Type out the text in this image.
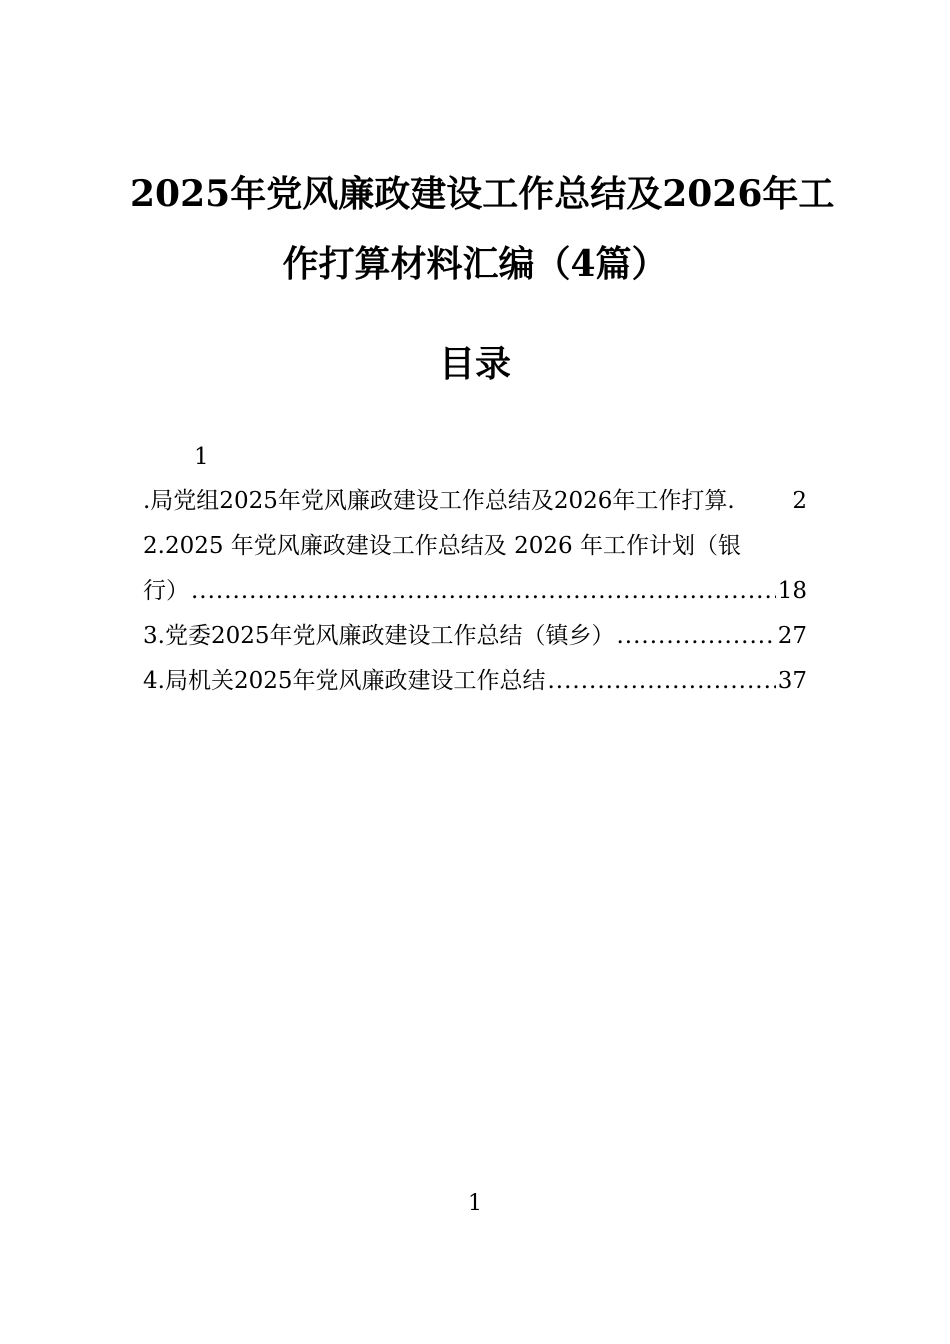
2025年党风廉政建设工作总结及2026年工
作打算材料汇编（4篇）
目录
1
.局党组2025年党风廉政建设工作总结及2026年工作打算.	2
2.2025 年党风廉政建设工作总结及 2026 年工作计划（银
行） .....	18
3.党委2025年党风廉政建设工作总结（镇乡） .....	27
4.局机关2025年党风廉政建设工作总结 .....	37
1
